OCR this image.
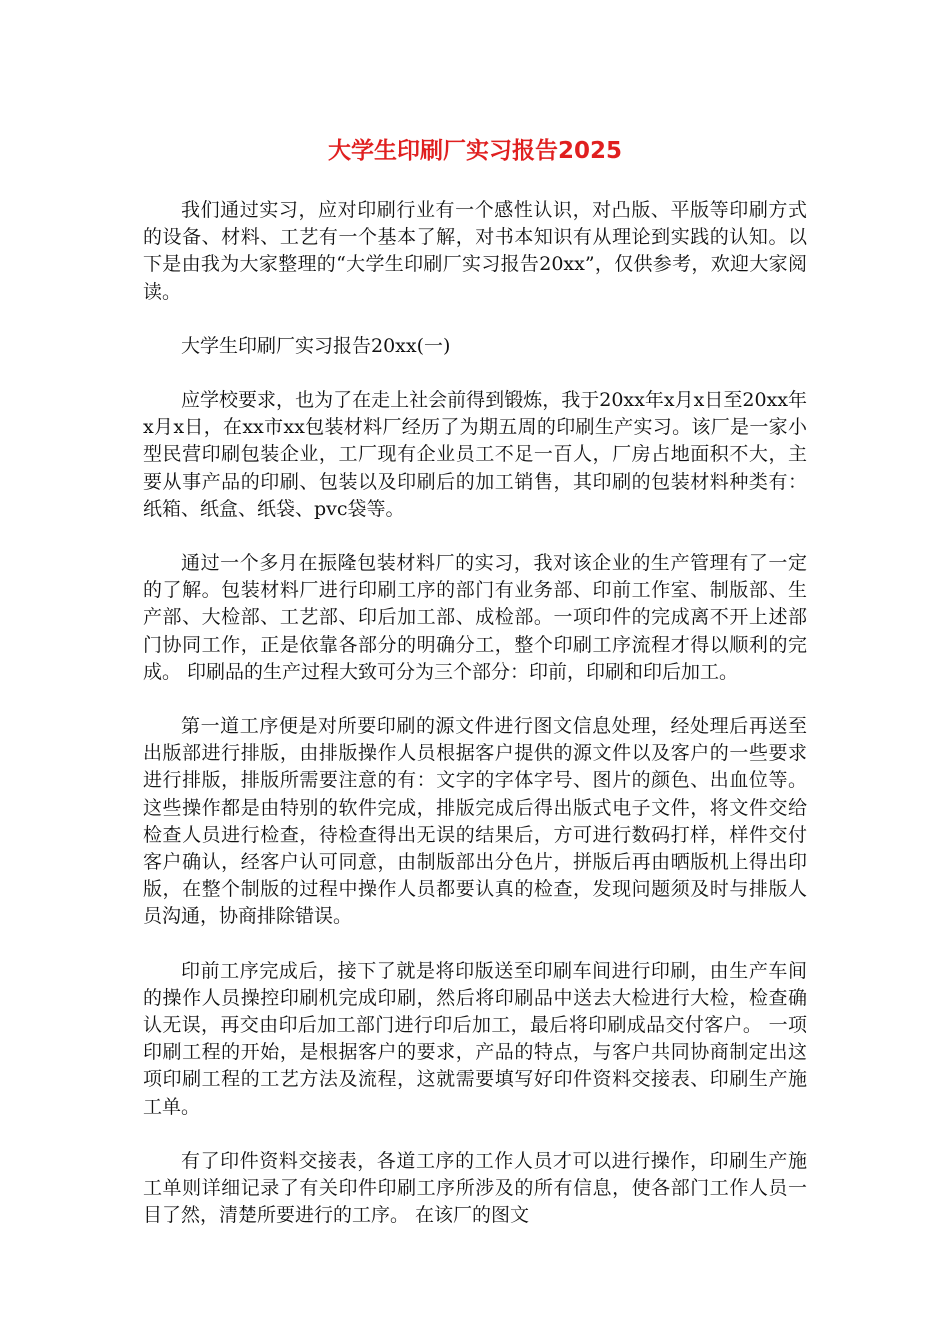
大学生印刷厂实习报告2025

我们通过实习，应对印刷行业有一个感性认识，对凸版、平版等印刷方式的设备、材料、工艺有一个基本了解，对书本知识有从理论到实践的认知。以下是由我为大家整理的“大学生印刷厂实习报告20xx”，仅供参考，欢迎大家阅读。

大学生印刷厂实习报告20xx(一)

应学校要求，也为了在走上社会前得到锻炼，我于20xx年x月x日至20xx年x月x日，在xx市xx包装材料厂经历了为期五周的印刷生产实习。该厂是一家小型民营印刷包装企业，工厂现有企业员工不足一百人，厂房占地面积不大，主要从事产品的印刷、包装以及印刷后的加工销售，其印刷的包装材料种类有：纸箱、纸盒、纸袋、pvc袋等。

通过一个多月在振隆包装材料厂的实习，我对该企业的生产管理有了一定的了解。包装材料厂进行印刷工序的部门有业务部、印前工作室、制版部、生产部、大检部、工艺部、印后加工部、成检部。一项印件的完成离不开上述部门协同工作，正是依靠各部分的明确分工，整个印刷工序流程才得以顺利的完成。 印刷品的生产过程大致可分为三个部分：印前，印刷和印后加工。

第一道工序便是对所要印刷的源文件进行图文信息处理，经处理后再送至出版部进行排版，由排版操作人员根据客户提供的源文件以及客户的一些要求进行排版，排版所需要注意的有：文字的字体字号、图片的颜色、出血位等。这些操作都是由特别的软件完成，排版完成后得出版式电子文件，将文件交给检查人员进行检查，待检查得出无误的结果后，方可进行数码打样，样件交付客户确认，经客户认可同意，由制版部出分色片，拼版后再由晒版机上得出印版，在整个制版的过程中操作人员都要认真的检查，发现问题须及时与排版人员沟通，协商排除错误。

印前工序完成后，接下了就是将印版送至印刷车间进行印刷，由生产车间的操作人员操控印刷机完成印刷，然后将印刷品中送去大检进行大检，检查确认无误，再交由印后加工部门进行印后加工，最后将印刷成品交付客户。 一项印刷工程的开始，是根据客户的要求，产品的特点，与客户共同协商制定出这项印刷工程的工艺方法及流程，这就需要填写好印件资料交接表、印刷生产施工单。

有了印件资料交接表，各道工序的工作人员才可以进行操作，印刷生产施工单则详细记录了有关印件印刷工序所涉及的所有信息，使各部门工作人员一目了然，清楚所要进行的工序。 在该厂的图文
